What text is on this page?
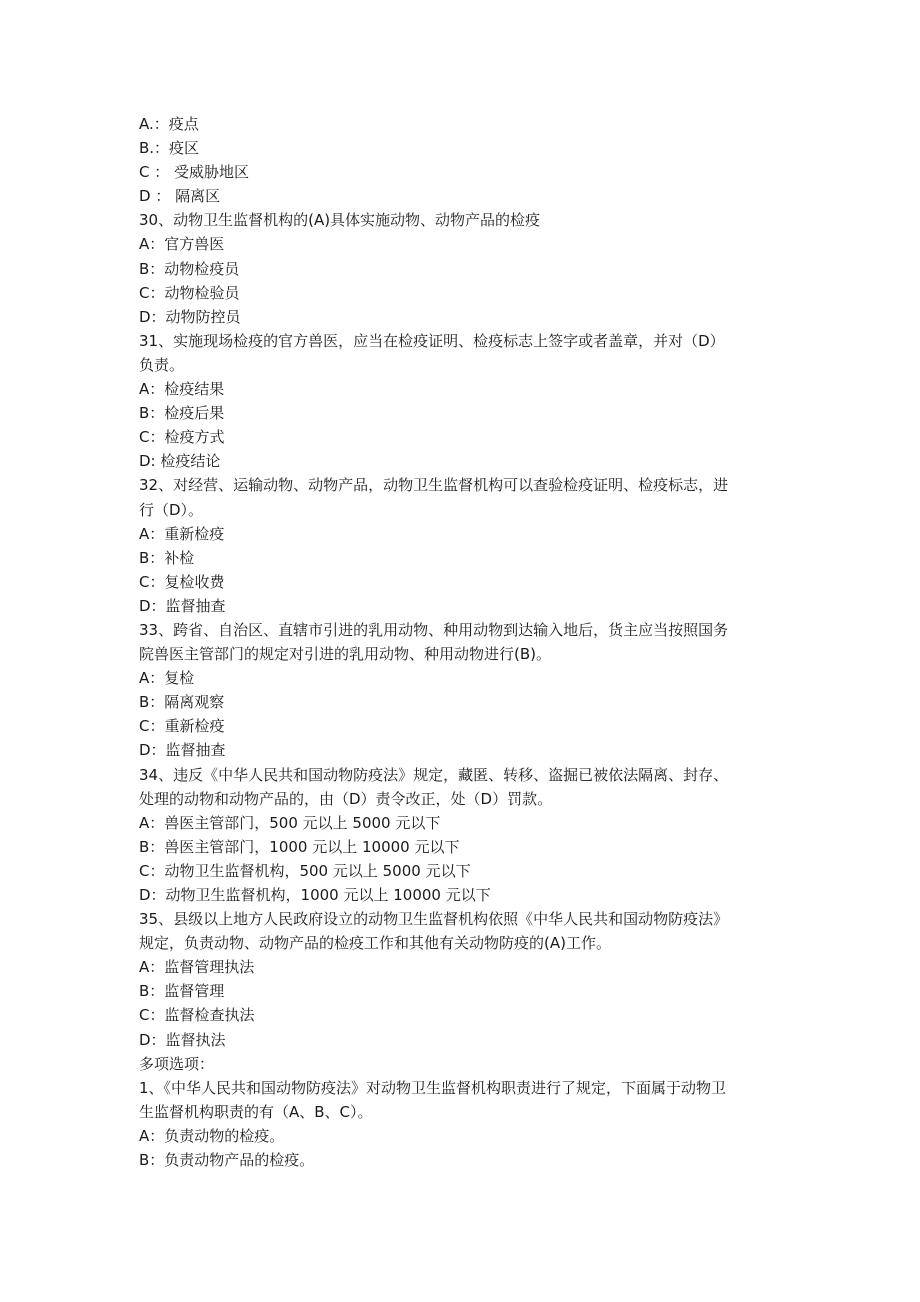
A.：疫点

B.：疫区

C ： 受威胁地区

D ： 隔离区

30、动物卫生监督机构的(A)具体实施动物、动物产品的检疫

A：官方兽医

B：动物检疫员

C：动物检验员

D：动物防控员

31、实施现场检疫的官方兽医，应当在检疫证明、检疫标志上签字或者盖章，并对（D）

负责。

A：检疫结果

B：检疫后果

C：检疫方式

D: 检疫结论

32、对经营、运输动物、动物产品，动物卫生监督机构可以查验检疫证明、检疫标志，进

行（D）。

A：重新检疫

B：补检

C：复检收费

D：监督抽查

33、跨省、自治区、直辖市引进的乳用动物、种用动物到达输入地后，货主应当按照国务

院兽医主管部门的规定对引进的乳用动物、种用动物进行(B)。

A：复检

B：隔离观察

C：重新检疫

D：监督抽查

34、违反《中华人民共和国动物防疫法》规定，藏匿、转移、盗掘已被依法隔离、封存、

处理的动物和动物产品的，由（D）责令改正，处（D）罚款。

A：兽医主管部门，500 元以上 5000 元以下

B：兽医主管部门，1000 元以上 10000 元以下

C：动物卫生监督机构，500 元以上 5000 元以下

D：动物卫生监督机构，1000 元以上 10000 元以下

35、县级以上地方人民政府设立的动物卫生监督机构依照《中华人民共和国动物防疫法》

规定，负责动物、动物产品的检疫工作和其他有关动物防疫的(A)工作。

A：监督管理执法

B：监督管理

C：监督检查执法

D：监督执法

多项选项：

1、《中华人民共和国动物防疫法》对动物卫生监督机构职责进行了规定，下面属于动物卫

生监督机构职责的有（A、B、C）。

A：负责动物的检疫。

B：负责动物产品的检疫。
